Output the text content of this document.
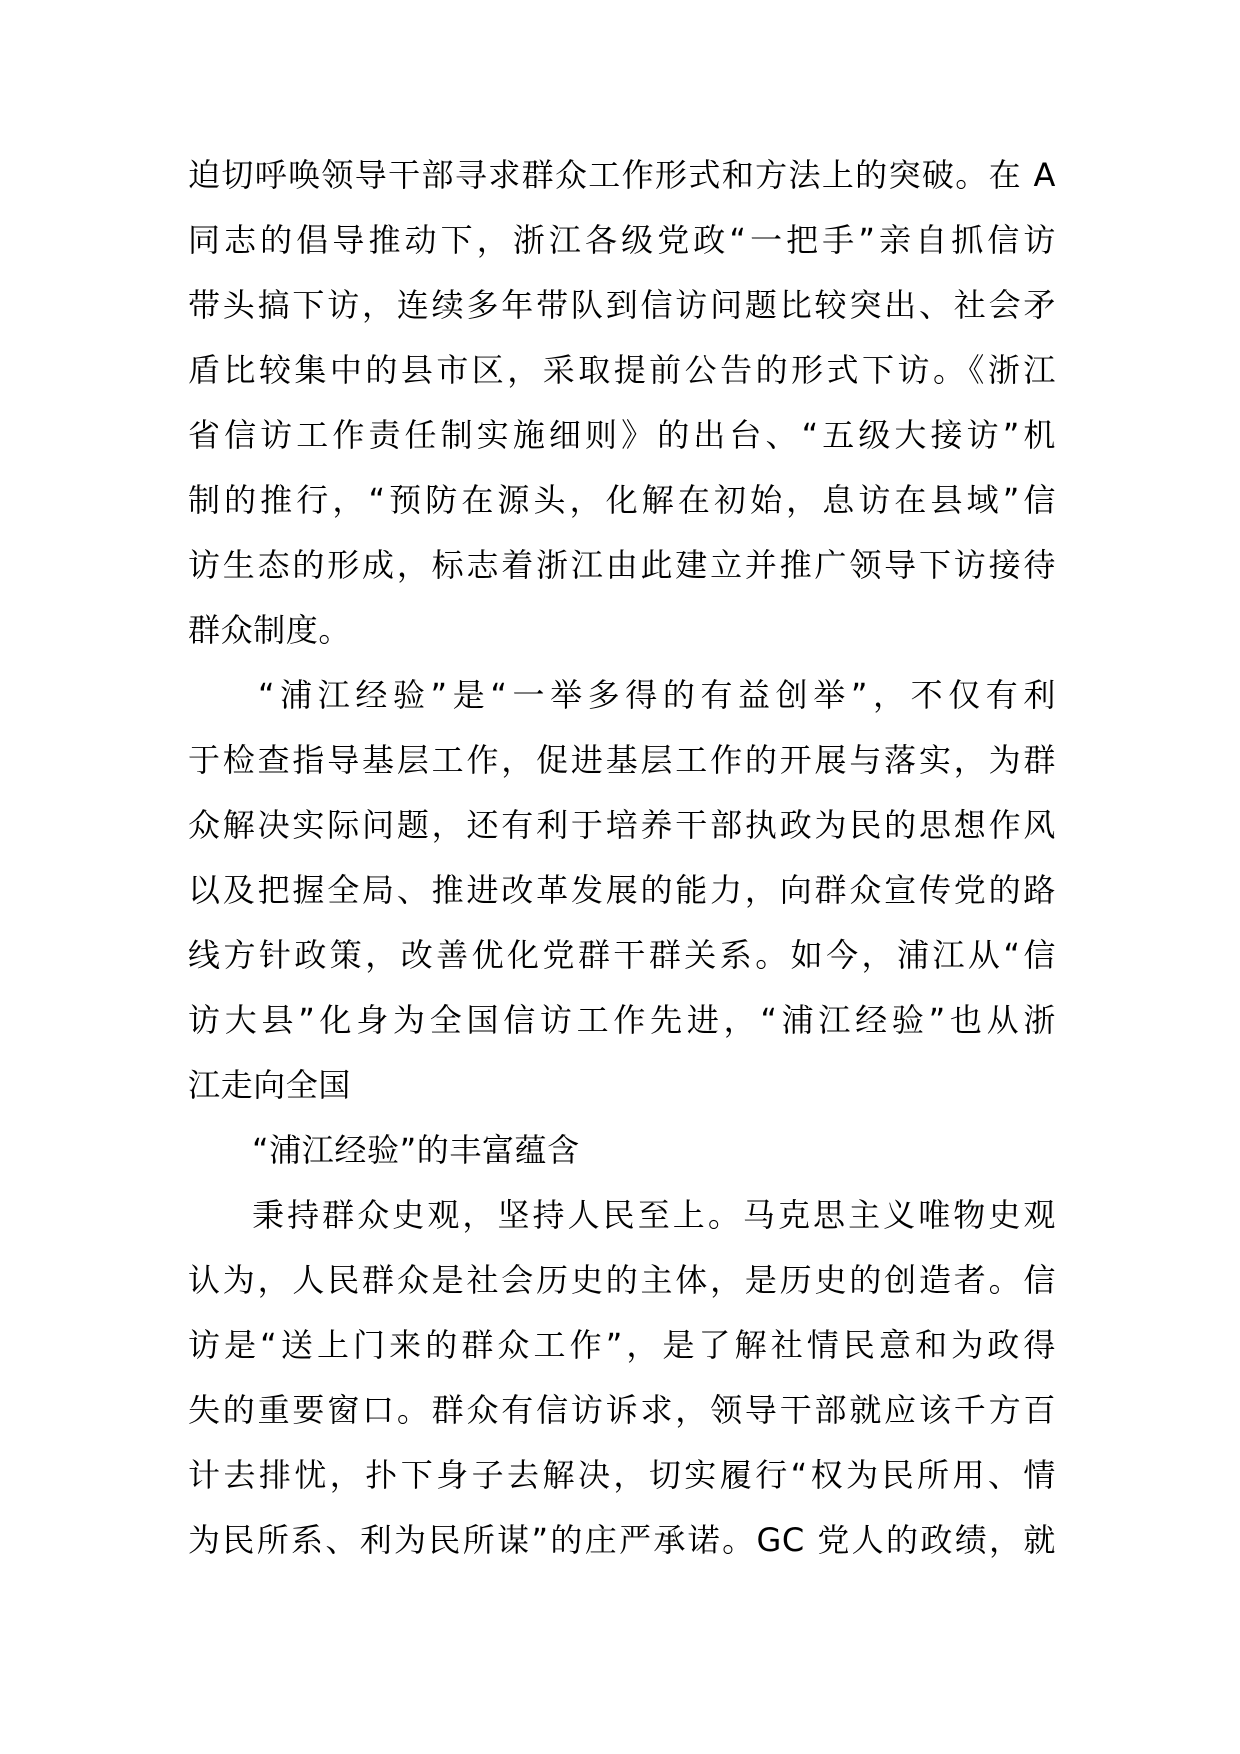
迫切呼唤领导干部寻求群众工作形式和方法上的突破。在 A
同志的倡导推动下，浙江各级党政“一把手”亲自抓信访
带头搞下访，连续多年带队到信访问题比较突出、社会矛
盾比较集中的县市区，采取提前公告的形式下访。《浙江
省信访工作责任制实施细则》的出台、“五级大接访”机
制的推行，“预防在源头，化解在初始，息访在县域”信
访生态的形成，标志着浙江由此建立并推广领导下访接待
群众制度。
“浦江经验”是“一举多得的有益创举”，不仅有利
于检查指导基层工作，促进基层工作的开展与落实，为群
众解决实际问题，还有利于培养干部执政为民的思想作风
以及把握全局、推进改革发展的能力，向群众宣传党的路
线方针政策，改善优化党群干群关系。如今，浦江从“信
访大县”化身为全国信访工作先进，“浦江经验”也从浙
江走向全国
“浦江经验”的丰富蕴含
秉持群众史观，坚持人民至上。马克思主义唯物史观
认为，人民群众是社会历史的主体，是历史的创造者。信
访是“送上门来的群众工作”，是了解社情民意和为政得
失的重要窗口。群众有信访诉求，领导干部就应该千方百
计去排忧，扑下身子去解决，切实履行“权为民所用、情
为民所系、利为民所谋”的庄严承诺。GC 党人的政绩，就
